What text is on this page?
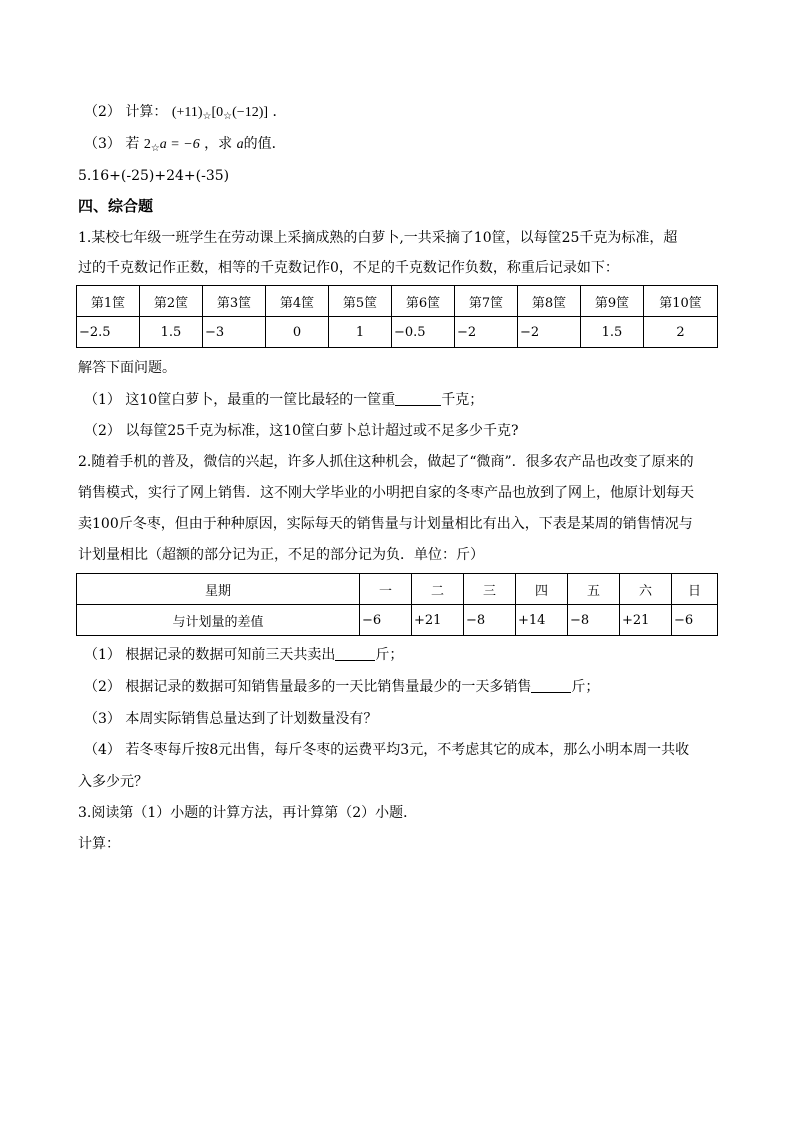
（2） 计算： $(+11)_☆[0_☆(-12)]$ ．
（3） 若 $2_☆a = -6$ ，求 a的值．
5.16+(-25)+24+(-35)
四、综合题
1.某校七年级一班学生在劳动课上采摘成熟的白萝卜,一共采摘了10筐，以每筐25千克为标准，超
过的千克数记作正数，相等的千克数记作0，不足的千克数记作负数，称重后记录如下：
第1筐	第2筐	第3筐	第4筐	第5筐	第6筐	第7筐	第8筐	第9筐	第10筐
−2.5	1.5	−3	0	1	−0.5	−2	−2	1.5	2
解答下面问题。
（1） 这10筐白萝卜，最重的一筐比最轻的一筐重	千克；
（2） 以每筐25千克为标准，这10筐白萝卜总计超过或不足多少千克?
2.随着手机的普及，微信的兴起，许多人抓住这种机会，做起了“微商”．很多农产品也改变了原来的
销售模式，实行了网上销售．这不刚大学毕业的小明把自家的冬枣产品也放到了网上，他原计划每天
卖100斤冬枣，但由于种种原因，实际每天的销售量与计划量相比有出入，下表是某周的销售情况与
计划量相比（超额的部分记为正，不足的部分记为负．单位：斤）
星期	一	二	三	四	五	六	日
与计划量的差值	−6	+21	−8	+14	−8	+21	−6
（1） 根据记录的数据可知前三天共卖出	斤；
（2） 根据记录的数据可知销售量最多的一天比销售量最少的一天多销售	斤；
（3） 本周实际销售总量达到了计划数量没有？
（4） 若冬枣每斤按8元出售，每斤冬枣的运费平均3元，不考虑其它的成本，那么小明本周一共收
入多少元？
3.阅读第（1）小题的计算方法，再计算第（2）小题．
计算：
